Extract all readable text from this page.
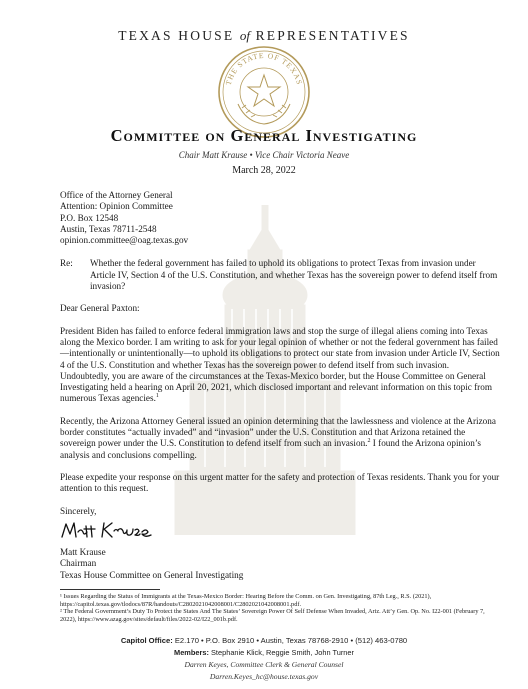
TEXAS HOUSE of REPRESENTATIVES
THE STATE OF TEXAS
Committee on General Investigating
Chair Matt Krause • Vice Chair Victoria Neave
March 28, 2022
Office of the Attorney General
Attention: Opinion Committee
P.O. Box 12548
Austin, Texas 78711-2548
opinion.committee@oag.texas.gov
Re:	Whether the federal government has failed to uphold its obligations to protect Texas from invasion under Article IV, Section 4 of the U.S. Constitution, and whether Texas has the sovereign power to defend itself from invasion?
Dear General Paxton:
President Biden has failed to enforce federal immigration laws and stop the surge of illegal aliens coming into Texas along the Mexico border. I am writing to ask for your legal opinion of whether or not the federal government has failed—intentionally or unintentionally—to uphold its obligations to protect our state from invasion under Article IV, Section 4 of the U.S. Constitution and whether Texas has the sovereign power to defend itself from such invasion. Undoubtedly, you are aware of the circumstances at the Texas-Mexico border, but the House Committee on General Investigating held a hearing on April 20, 2021, which disclosed important and relevant information on this topic from numerous Texas agencies.$^1$
Recently, the Arizona Attorney General issued an opinion determining that the lawlessness and violence at the Arizona border constitutes “actually invaded” and “invasion” under the U.S. Constitution and that Arizona retained the sovereign power under the U.S. Constitution to defend itself from such an invasion.$^2$ I found the Arizona opinion’s analysis and conclusions compelling.
Please expedite your response on this urgent matter for the safety and protection of Texas residents. Thank you for your attention to this request.
Sincerely,
Matt Krause
Chairman
Texas House Committee on General Investigating
¹ Issues Regarding the Status of Immigrants at the Texas-Mexico Border: Hearing Before the Comm. on Gen. Investigating, 87th Leg., R.S. (2021), https://capitol.texas.gov/tlodocs/87R/handouts/C2802021042008001/C2802021042008001.pdf.
² The Federal Government’s Duty To Protect the States And The States’ Sovereign Power Of Self Defense When Invaded, Ariz. Att’y Gen. Op. No. I22-001 (February 7, 2022), https://www.azag.gov/sites/default/files/2022-02/I22_001b.pdf.
Capitol Office: E2.170 • P.O. Box 2910 • Austin, Texas 78768-2910 • (512) 463-0780
Members: Stephanie Klick, Reggie Smith, John Turner
Darren Keyes, Committee Clerk & General Counsel
Darren.Keyes_hc@house.texas.gov
